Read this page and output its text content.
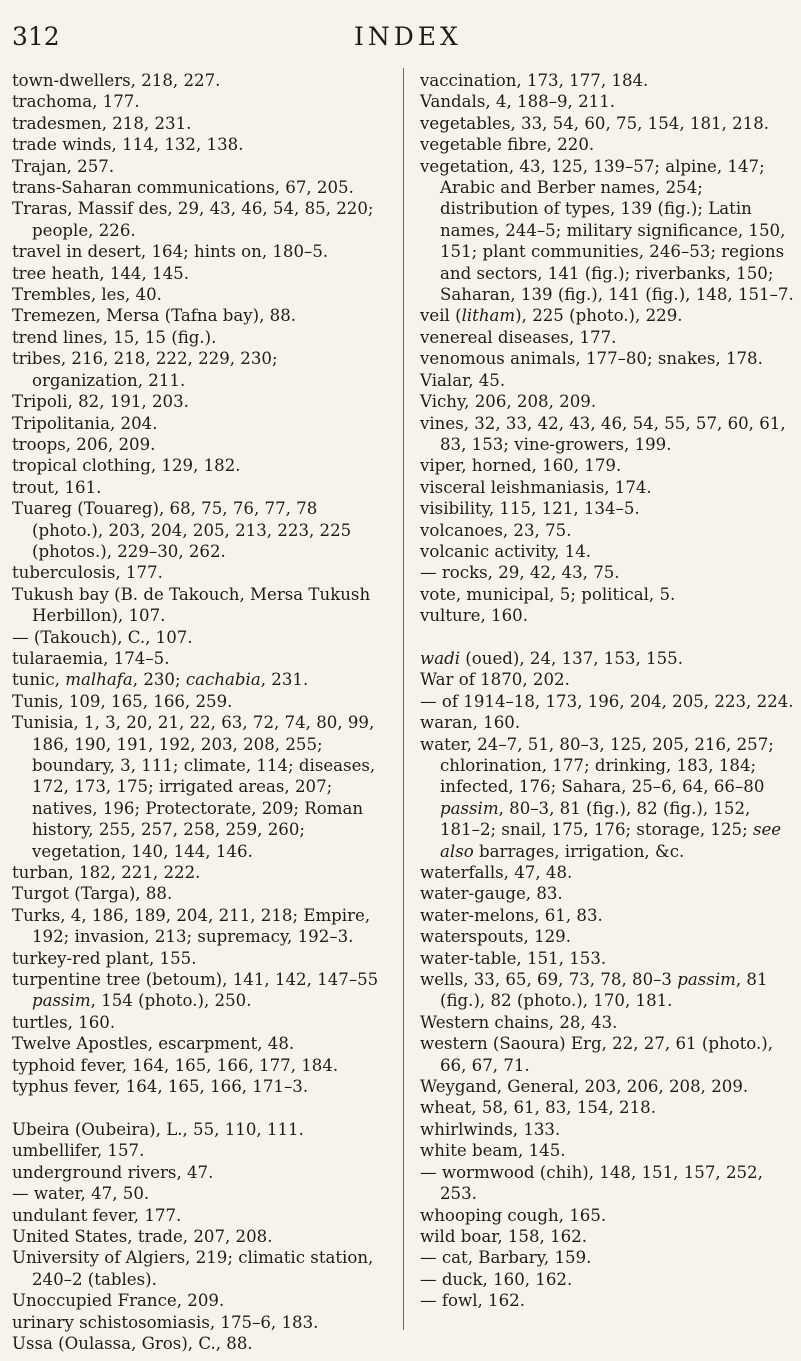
312	INDEX
town-dwellers, 218, 227.
trachoma, 177.
tradesmen, 218, 231.
trade winds, 114, 132, 138.
Trajan, 257.
trans-Saharan communications, 67, 205.
Traras, Massif des, 29, 43, 46, 54, 85, 220; people, 226.
travel in desert, 164; hints on, 180–5.
tree heath, 144, 145.
Trembles, les, 40.
Tremezen, Mersa (Tafna bay), 88.
trend lines, 15, 15 (fig.).
tribes, 216, 218, 222, 229, 230; organization, 211.
Tripoli, 82, 191, 203.
Tripolitania, 204.
troops, 206, 209.
tropical clothing, 129, 182.
trout, 161.
Tuareg (Touareg), 68, 75, 76, 77, 78 (photo.), 203, 204, 205, 213, 223, 225 (photos.), 229–30, 262.
tuberculosis, 177.
Tukush bay (B. de Takouch, Mersa Tukush Herbillon), 107.
— (Takouch), C., 107.
tularaemia, 174–5.
tunic, malhafa, 230; cachabia, 231.
Tunis, 109, 165, 166, 259.
Tunisia, 1, 3, 20, 21, 22, 63, 72, 74, 80, 99, 186, 190, 191, 192, 203, 208, 255; boundary, 3, 111; climate, 114; diseases, 172, 173, 175; irrigated areas, 207; natives, 196; Protectorate, 209; Roman history, 255, 257, 258, 259, 260; vegetation, 140, 144, 146.
turban, 182, 221, 222.
Turgot (Targa), 88.
Turks, 4, 186, 189, 204, 211, 218; Empire, 192; invasion, 213; supremacy, 192–3.
turkey-red plant, 155.
turpentine tree (betoum), 141, 142, 147–55 passim, 154 (photo.), 250.
turtles, 160.
Twelve Apostles, escarpment, 48.
typhoid fever, 164, 165, 166, 177, 184.
typhus fever, 164, 165, 166, 171–3.
Ubeira (Oubeira), L., 55, 110, 111.
umbellifer, 157.
underground rivers, 47.
— water, 47, 50.
undulant fever, 177.
United States, trade, 207, 208.
University of Algiers, 219; climatic station, 240–2 (tables).
Unoccupied France, 209.
urinary schistosomiasis, 175–6, 183.
Ussa (Oulassa, Gros), C., 88.
vaccination, 173, 177, 184.
Vandals, 4, 188–9, 211.
vegetables, 33, 54, 60, 75, 154, 181, 218.
vegetable fibre, 220.
vegetation, 43, 125, 139–57; alpine, 147; Arabic and Berber names, 254; distribution of types, 139 (fig.); Latin names, 244–5; military significance, 150, 151; plant communities, 246–53; regions and sectors, 141 (fig.); riverbanks, 150; Saharan, 139 (fig.), 141 (fig.), 148, 151–7.
veil (litham), 225 (photo.), 229.
venereal diseases, 177.
venomous animals, 177–80; snakes, 178.
Vialar, 45.
Vichy, 206, 208, 209.
vines, 32, 33, 42, 43, 46, 54, 55, 57, 60, 61, 83, 153; vine-growers, 199.
viper, horned, 160, 179.
visceral leishmaniasis, 174.
visibility, 115, 121, 134–5.
volcanoes, 23, 75.
volcanic activity, 14.
— rocks, 29, 42, 43, 75.
vote, municipal, 5; political, 5.
vulture, 160.
wadi (oued), 24, 137, 153, 155.
War of 1870, 202.
— of 1914–18, 173, 196, 204, 205, 223, 224.
waran, 160.
water, 24–7, 51, 80–3, 125, 205, 216, 257; chlorination, 177; drinking, 183, 184; infected, 176; Sahara, 25–6, 64, 66–80 passim, 80–3, 81 (fig.), 82 (fig.), 152, 181–2; snail, 175, 176; storage, 125; see also barrages, irrigation, &c.
waterfalls, 47, 48.
water-gauge, 83.
water-melons, 61, 83.
waterspouts, 129.
water-table, 151, 153.
wells, 33, 65, 69, 73, 78, 80–3 passim, 81 (fig.), 82 (photo.), 170, 181.
Western chains, 28, 43.
western (Saoura) Erg, 22, 27, 61 (photo.), 66, 67, 71.
Weygand, General, 203, 206, 208, 209.
wheat, 58, 61, 83, 154, 218.
whirlwinds, 133.
white beam, 145.
— wormwood (chih), 148, 151, 157, 252, 253.
whooping cough, 165.
wild boar, 158, 162.
— cat, Barbary, 159.
— duck, 160, 162.
— fowl, 162.
